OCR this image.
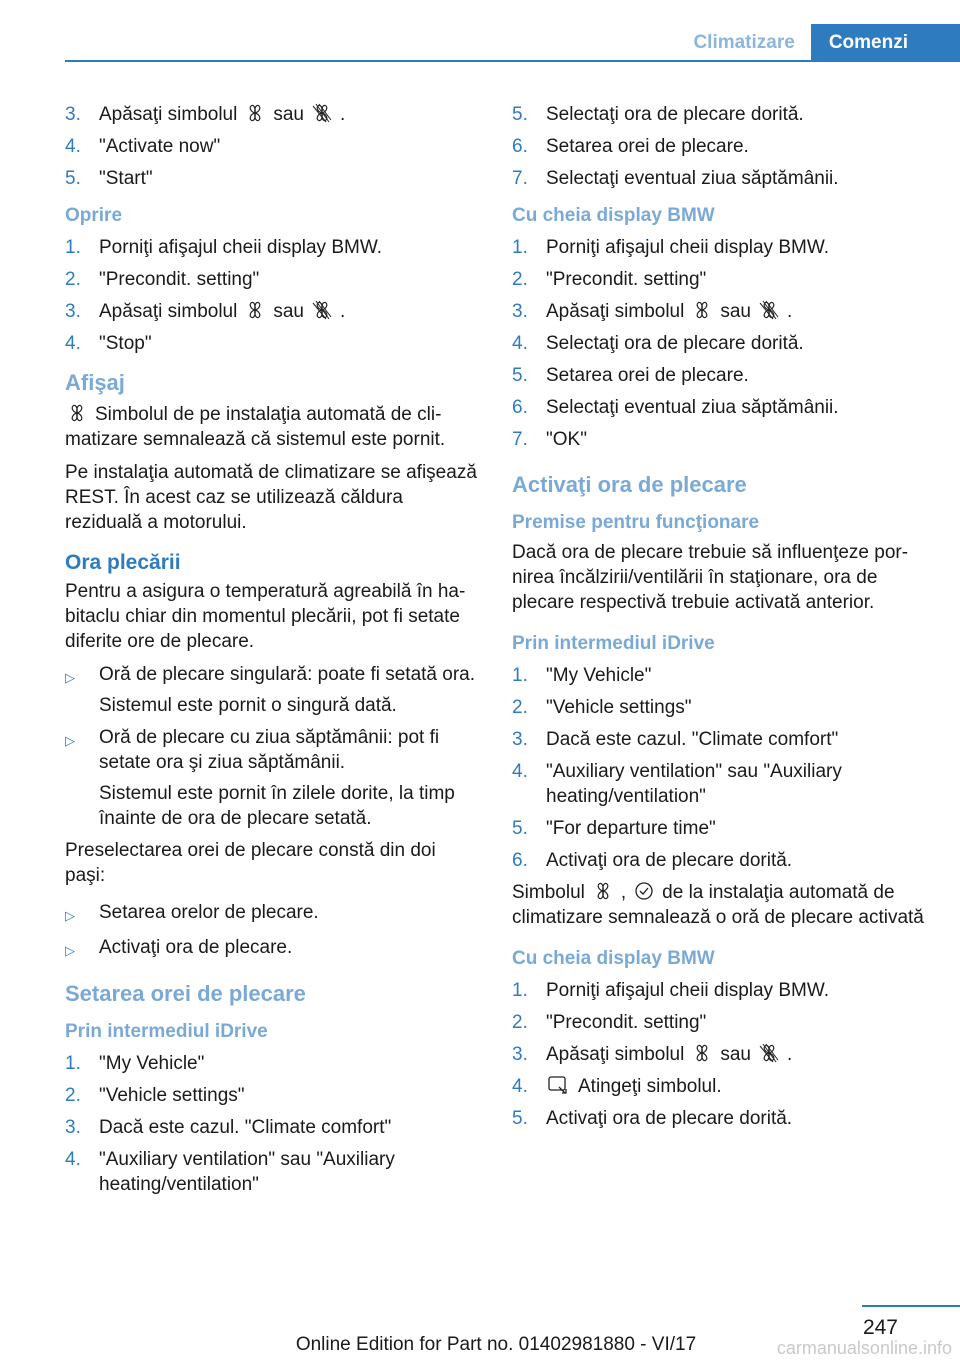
Climatizare	Comenzi
3. Apăsaţi simbolul sau .
4. "Activate now"
5. "Start"
Oprire
1. Porniţi afişajul cheii display BMW.
2. "Precondit. setting"
3. Apăsaţi simbolul sau .
4. "Stop"
Afişaj

Simbolul de pe instalaţia automată de climatizare semnalează că sistemul este pornit.

Pe instalaţia automată de climatizare se afişează REST. În acest caz se utilizează căldura reziduală a motorului.

Ora plecării

Pentru a asigura o temperatură agreabilă în habitaclu chiar din momentul plecării, pot fi setate diferite ore de plecare.

▷	Oră de plecare singulară: poate fi setată ora.
Sistemul este pornit o singură dată.
▷	Oră de plecare cu ziua săptămânii: pot fi setate ora şi ziua săptămânii.
Sistemul este pornit în zilele dorite, la timp înainte de ora de plecare setată.

Preselectarea orei de plecare constă din doi paşi:

▷	Setarea orelor de plecare.
▷	Activaţi ora de plecare.
Setarea orei de plecare
Prin intermediul iDrive
1. "My Vehicle"
2. "Vehicle settings"
3. Dacă este cazul. "Climate comfort"
4. "Auxiliary ventilation" sau "Auxiliary heating/ventilation"
5. Selectaţi ora de plecare dorită.
6. Setarea orei de plecare.
7. Selectaţi eventual ziua săptămânii.
Cu cheia display BMW
1. Porniţi afişajul cheii display BMW.
2. "Precondit. setting"
3. Apăsaţi simbolul sau .
4. Selectaţi ora de plecare dorită.
5. Setarea orei de plecare.
6. Selectaţi eventual ziua săptămânii.
7. "OK"
Activaţi ora de plecare
Premise pentru funcţionare

Dacă ora de plecare trebuie să influenţeze pornirea încălzirii/ventilării în staţionare, ora de plecare respectivă trebuie activată anterior.

Prin intermediul iDrive
1. "My Vehicle"
2. "Vehicle settings"
3. Dacă este cazul. "Climate comfort"
4. "Auxiliary ventilation" sau "Auxiliary heating/ventilation"
5. "For departure time"
6. Activaţi ora de plecare dorită.

Simbolul , de la instalaţia automată de climatizare semnalează o oră de plecare activată

Cu cheia display BMW
1. Porniţi afişajul cheii display BMW.
2. "Precondit. setting"
3. Apăsaţi simbolul sau .
4.	Atingeţi simbolul.
5. Activaţi ora de plecare dorită.
247
Online Edition for Part no. 01402981880 - VI/17	carmanualsonline.info
